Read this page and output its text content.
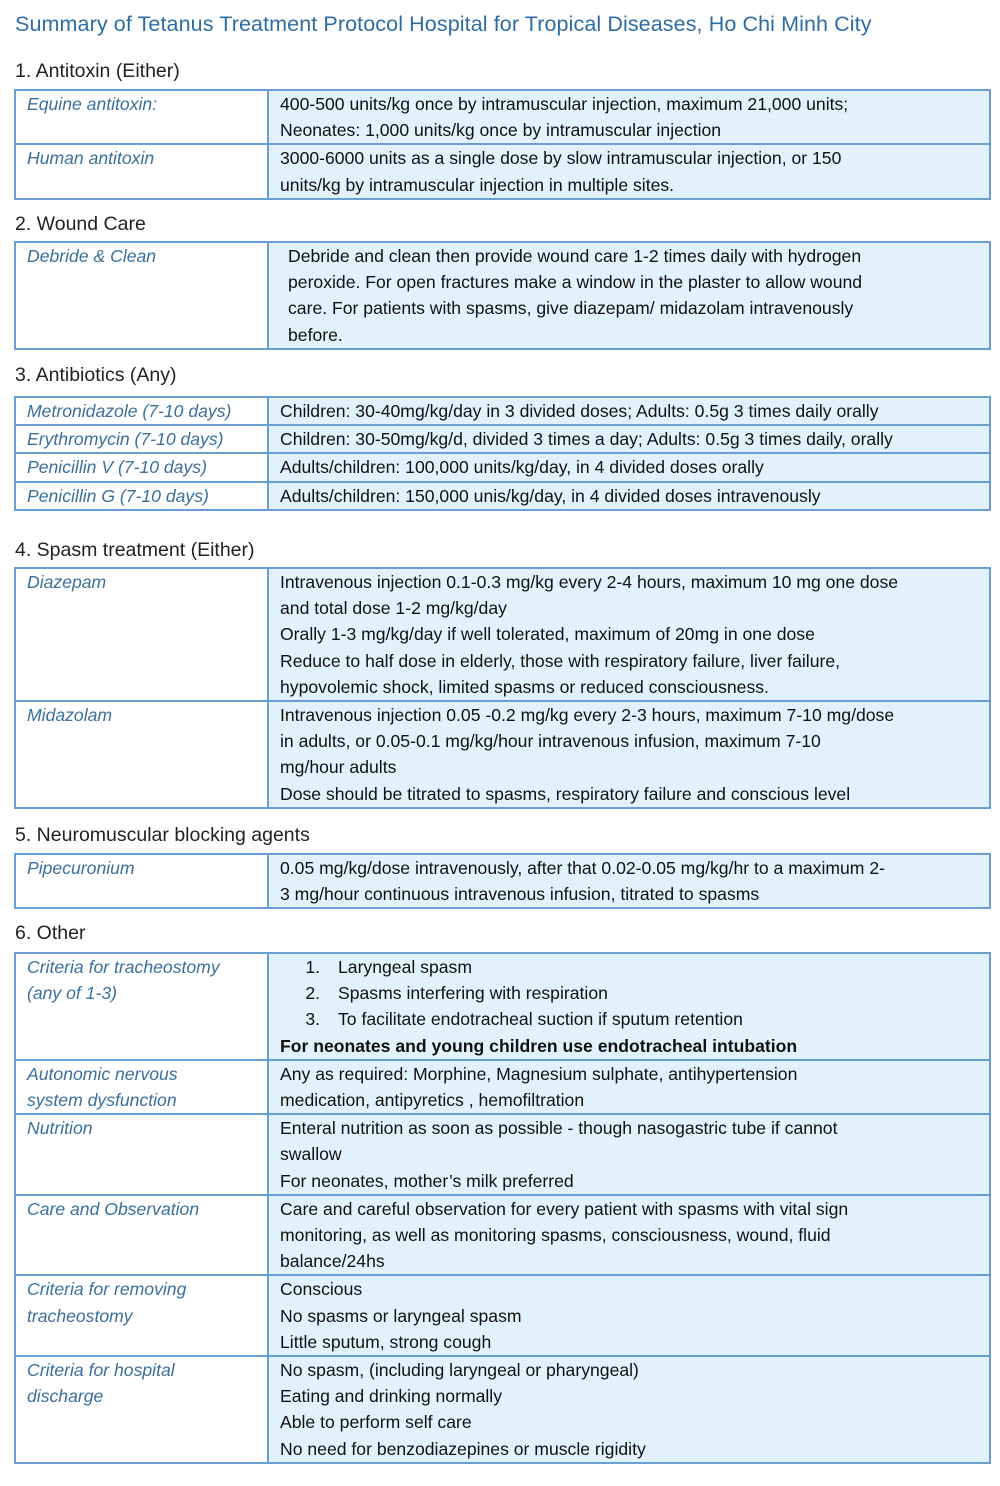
Summary of Tetanus Treatment Protocol Hospital for Tropical Diseases, Ho Chi Minh City
1. Antitoxin (Either)
Equine antitoxin:	400-500 units/kg once by intramuscular injection, maximum 21,000 units;
Neonates: 1,000 units/kg once by intramuscular injection

Human antitoxin	3000-6000 units as a single dose by slow intramuscular injection, or 150
units/kg by intramuscular injection in multiple sites.
2. Wound Care
Debride & Clean	Debride and clean then provide wound care 1-2 times daily with hydrogen
peroxide. For open fractures make a window in the plaster to allow wound
care. For patients with spasms, give diazepam/ midazolam intravenously
before.
3. Antibiotics (Any)
Metronidazole (7-10 days)	Children: 30-40mg/kg/day in 3 divided doses; Adults: 0.5g 3 times daily orally

Erythromycin (7-10 days)	Children: 30-50mg/kg/d, divided 3 times a day; Adults: 0.5g 3 times daily, orally

Penicillin V (7-10 days)	Adults/children: 100,000 units/kg/day, in 4 divided doses orally

Penicillin G (7-10 days)	Adults/children: 150,000 unis/kg/day, in 4 divided doses intravenously
4. Spasm treatment (Either)
Diazepam	Intravenous injection 0.1-0.3 mg/kg every 2-4 hours, maximum 10 mg one dose
and total dose 1-2 mg/kg/day
Orally 1-3 mg/kg/day if well tolerated, maximum of 20mg in one dose
Reduce to half dose in elderly, those with respiratory failure, liver failure,
hypovolemic shock, limited spasms or reduced consciousness.

Midazolam	Intravenous injection 0.05 -0.2 mg/kg every 2-3 hours, maximum 7-10 mg/dose
in adults, or 0.05-0.1 mg/kg/hour intravenous infusion, maximum 7-10
mg/hour adults
Dose should be titrated to spasms, respiratory failure and conscious level
5. Neuromuscular blocking agents
Pipecuronium	0.05 mg/kg/dose intravenously, after that 0.02-0.05 mg/kg/hr to a maximum 2-
3 mg/hour continuous intravenous infusion, titrated to spasms
6. Other
Criteria for tracheostomy
(any of 1-3)	1. Laryngeal spasm
2. Spasms interfering with respiration
3. To facilitate endotracheal suction if sputum retention
For neonates and young children use endotracheal intubation

Autonomic nervous
system dysfunction	Any as required: Morphine, Magnesium sulphate, antihypertension
medication, antipyretics , hemofiltration

Nutrition	Enteral nutrition as soon as possible - though nasogastric tube if cannot
swallow
For neonates, mother’s milk preferred

Care and Observation	Care and careful observation for every patient with spasms with vital sign
monitoring, as well as monitoring spasms, consciousness, wound, fluid
balance/24hs

Criteria for removing
tracheostomy	Conscious
No spasms or laryngeal spasm
Little sputum, strong cough

Criteria for hospital
discharge	No spasm, (including laryngeal or pharyngeal)
Eating and drinking normally
Able to perform self care
No need for benzodiazepines or muscle rigidity
